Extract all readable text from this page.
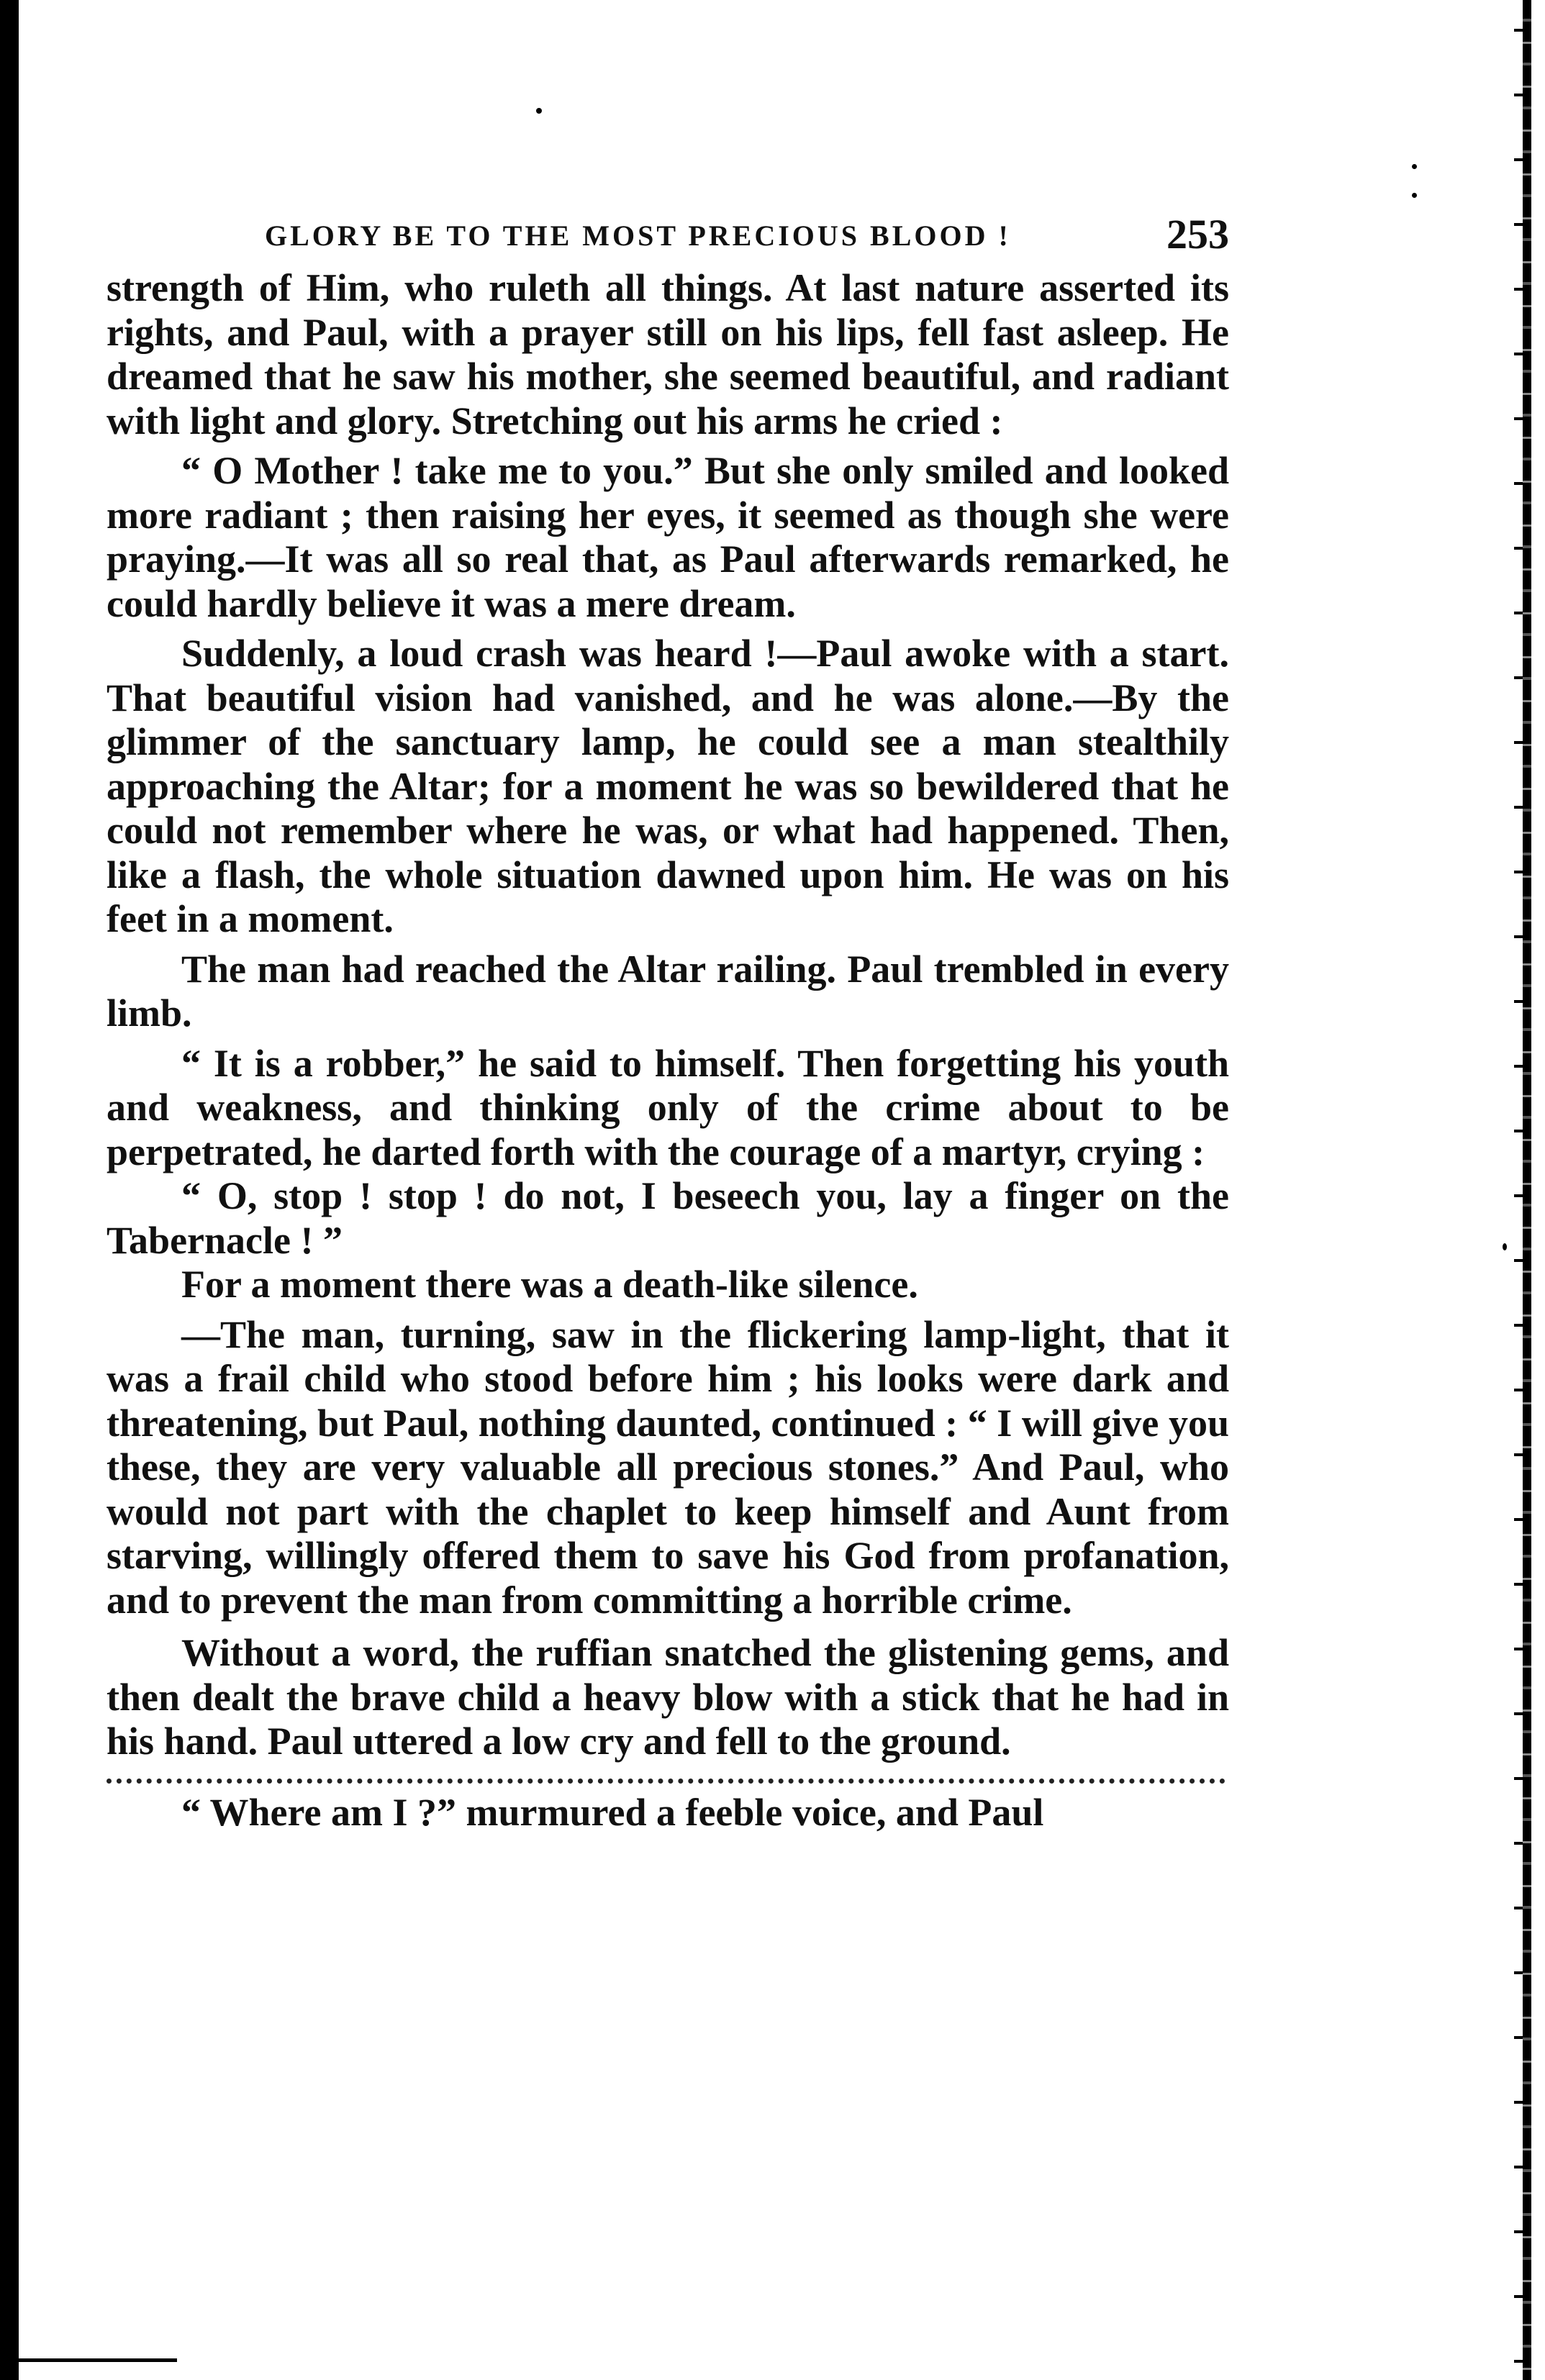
GLORY BE TO THE MOST PRECIOUS BLOOD !	253

strength of Him, who ruleth all things. At last nature asserted its rights, and Paul, with a prayer still on his lips, fell fast asleep. He dreamed that he saw his mother, she seemed beautiful, and radiant with light and glory. Stretching out his arms he cried :

“ O Mother ! take me to you.” But she only smiled and looked more radiant ; then raising her eyes, it seemed as though she were praying.—It was all so real that, as Paul afterwards remarked, he could hardly believe it was a mere dream.

Suddenly, a loud crash was heard !—Paul awoke with a start. That beautiful vision had vanished, and he was alone.—By the glimmer of the sanctuary lamp, he could see a man stealthily approaching the Altar; for a moment he was so bewildered that he could not remember where he was, or what had happened. Then, like a flash, the whole situation dawned upon him. He was on his feet in a moment.

The man had reached the Altar railing. Paul trembled in every limb.

“ It is a robber,” he said to himself. Then forgetting his youth and weakness, and thinking only of the crime about to be perpetrated, he darted forth with the courage of a martyr, crying :

“ O, stop ! stop ! do not, I beseech you, lay a finger on the Tabernacle ! ”

For a moment there was a death-like silence.

—The man, turning, saw in the flickering lamp-light, that it was a frail child who stood before him ; his looks were dark and threatening, but Paul, nothing daunted, continued : “ I will give you these, they are very valuable all precious stones.” And Paul, who would not part with the chaplet to keep himself and Aunt from starving, willingly offered them to save his God from profanation, and to prevent the man from committing a horrible crime.

Without a word, the ruffian snatched the glistening gems, and then dealt the brave child a heavy blow with a stick that he had in his hand. Paul uttered a low cry and fell to the ground.

“ Where am I ?” murmured a feeble voice, and Paul
